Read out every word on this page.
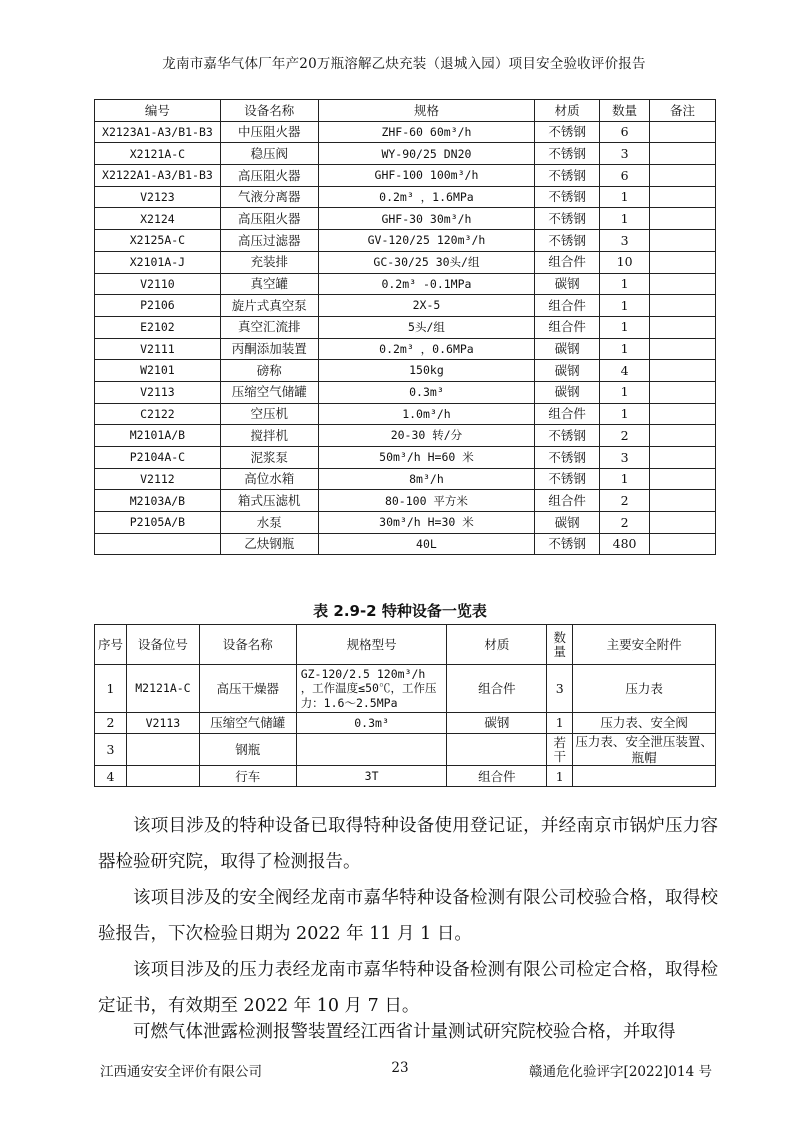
龙南市嘉华气体厂年产20万瓶溶解乙炔充装（退城入园）项目安全验收评价报告
编号	设备名称	规格	材质	数量	备注
X2123A1-A3/B1-B3	中压阻火器	ZHF-60 60m³/h	不锈钢	6	
X2121A-C	稳压阀	WY-90/25 DN20	不锈钢	3	
X2122A1-A3/B1-B3	高压阻火器	GHF-100 100m³/h	不锈钢	6	
V2123	气液分离器	0.2m³ ，1.6MPa	不锈钢	1	
X2124	高压阻火器	GHF-30 30m³/h	不锈钢	1	
X2125A-C	高压过滤器	GV-120/25 120m³/h	不锈钢	3	
X2101A-J	充装排	GC-30/25 30头/组	组合件	10	
V2110	真空罐	0.2m³ -0.1MPa	碳钢	1	
P2106	旋片式真空泵	2X-5	组合件	1	
E2102	真空汇流排	5头/组	组合件	1	
V2111	丙酮添加装置	0.2m³ ，0.6MPa	碳钢	1	
W2101	磅称	150kg	碳钢	4	
V2113	压缩空气储罐	0.3m³	碳钢	1	
C2122	空压机	1.0m³/h	组合件	1	
M2101A/B	搅拌机	20-30 转/分	不锈钢	2	
P2104A-C	泥浆泵	50m³/h H=60 米	不锈钢	3	
V2112	高位水箱	8m³/h	不锈钢	1	
M2103A/B	箱式压滤机	80-100 平方米	组合件	2	
P2105A/B	水泵	30m³/h H=30 米	碳钢	2	
	乙炔钢瓶	40L	不锈钢	480	
表 2.9-2 特种设备一览表
序号	设备位号	设备名称	规格型号	材质	数量	主要安全附件
1	M2121A-C	高压干燥器	GZ-120/2.5 120m³/h ，工作温度≤50℃，工作压力：1.6～2.5MPa	组合件	3	压力表
2	V2113	压缩空气储罐	0.3m³	碳钢	1	压力表、安全阀
3		钢瓶			若干	压力表、安全泄压装置、瓶帽
4		行车	3T	组合件	1	

该项目涉及的特种设备已取得特种设备使用登记证，并经南京市锅炉压力容器检验研究院，取得了检测报告。

该项目涉及的安全阀经龙南市嘉华特种设备检测有限公司校验合格，取得校验报告，下次检验日期为 2022 年 11 月 1 日。

该项目涉及的压力表经龙南市嘉华特种设备检测有限公司检定合格，取得检定证书，有效期至 2022 年 10 月 7 日。

可燃气体泄露检测报警装置经江西省计量测试研究院校验合格，并取得

江西通安安全评价有限公司	23	赣通危化验评字[2022]014 号
